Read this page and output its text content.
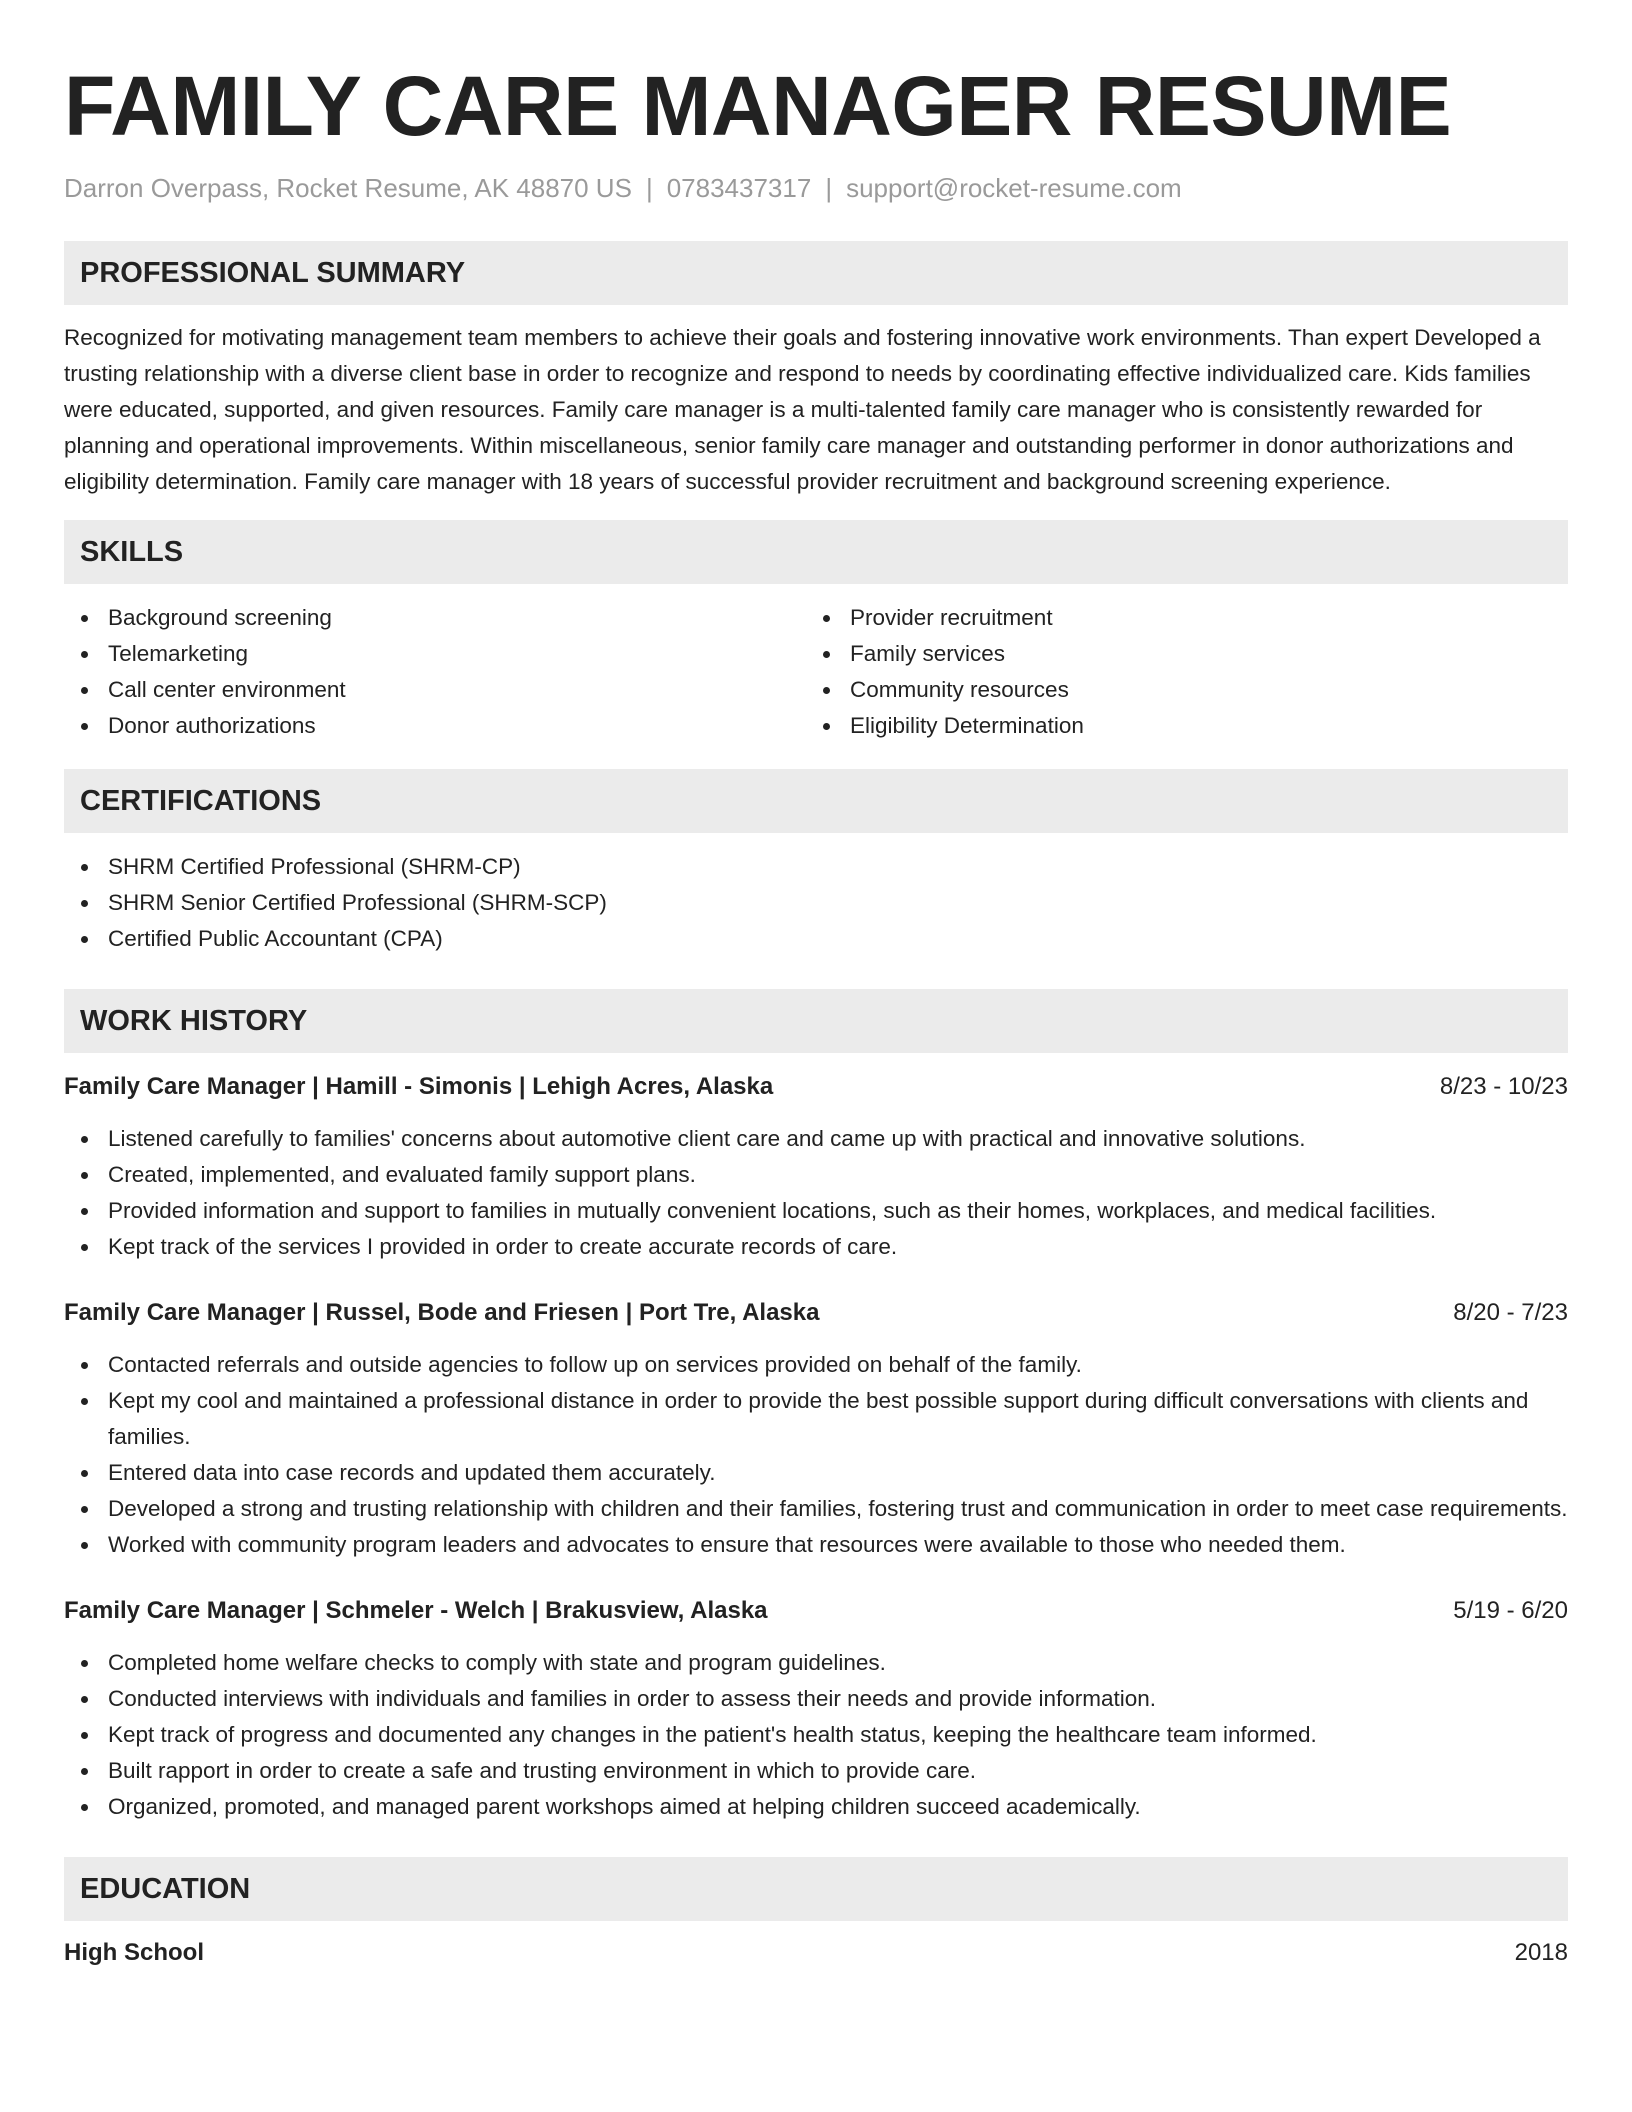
FAMILY CARE MANAGER RESUME
Darron Overpass, Rocket Resume, AK 48870 US | 0783437317 | support@rocket-resume.com
PROFESSIONAL SUMMARY
Recognized for motivating management team members to achieve their goals and fostering innovative work environments. Than expert Developed a trusting relationship with a diverse client base in order to recognize and respond to needs by coordinating effective individualized care. Kids families were educated, supported, and given resources. Family care manager is a multi-talented family care manager who is consistently rewarded for planning and operational improvements. Within miscellaneous, senior family care manager and outstanding performer in donor authorizations and eligibility determination. Family care manager with 18 years of successful provider recruitment and background screening experience.
SKILLS
Background screening
Telemarketing
Call center environment
Donor authorizations
Provider recruitment
Family services
Community resources
Eligibility Determination
CERTIFICATIONS
SHRM Certified Professional (SHRM-CP)
SHRM Senior Certified Professional (SHRM-SCP)
Certified Public Accountant (CPA)
WORK HISTORY
Family Care Manager | Hamill - Simonis | Lehigh Acres, Alaska	8/23 - 10/23
Listened carefully to families' concerns about automotive client care and came up with practical and innovative solutions.
Created, implemented, and evaluated family support plans.
Provided information and support to families in mutually convenient locations, such as their homes, workplaces, and medical facilities.
Kept track of the services I provided in order to create accurate records of care.
Family Care Manager | Russel, Bode and Friesen | Port Tre, Alaska	8/20 - 7/23
Contacted referrals and outside agencies to follow up on services provided on behalf of the family.
Kept my cool and maintained a professional distance in order to provide the best possible support during difficult conversations with clients and families.
Entered data into case records and updated them accurately.
Developed a strong and trusting relationship with children and their families, fostering trust and communication in order to meet case requirements.
Worked with community program leaders and advocates to ensure that resources were available to those who needed them.
Family Care Manager | Schmeler - Welch | Brakusview, Alaska	5/19 - 6/20
Completed home welfare checks to comply with state and program guidelines.
Conducted interviews with individuals and families in order to assess their needs and provide information.
Kept track of progress and documented any changes in the patient's health status, keeping the healthcare team informed.
Built rapport in order to create a safe and trusting environment in which to provide care.
Organized, promoted, and managed parent workshops aimed at helping children succeed academically.
EDUCATION
High School	2018
